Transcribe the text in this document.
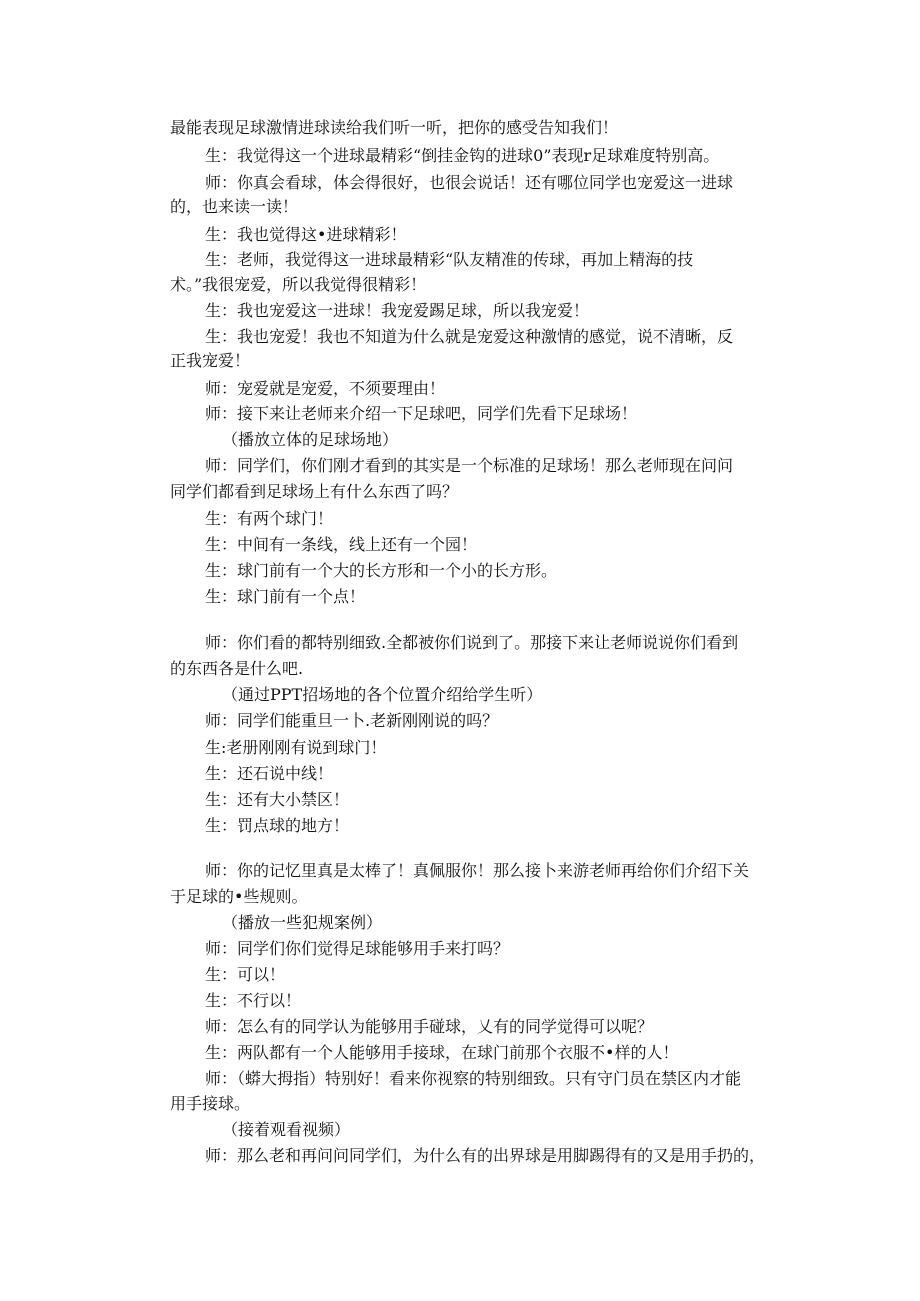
最能表现足球激情进球读给我们听一听，把你的感受告知我们！
生：我觉得这一个进球最精彩“倒挂金钩的进球0”表现r足球难度特别高。
师：你真会看球，体会得很好，也很会说话！还有哪位同学也宠爱这一进球
的，也来读一读！
生：我也觉得这•进球精彩！
生：老师，我觉得这一进球最精彩“队友精准的传球，再加上精海的技
术。”我很宠爱，所以我觉得很精彩！
生：我也宠爱这一进球！我宠爱踢足球，所以我宠爱！
生：我也宠爱！我也不知道为什么就是宠爱这种激情的感觉，说不清晰，反
正我宠爱！
师：宠爱就是宠爱，不须要理由！
师：接下来让老师来介绍一下足球吧，同学们先看下足球场！
（播放立体的足球场地）
师：同学们，你们刚才看到的其实是一个标准的足球场！那么老师现在问问
同学们都看到足球场上有什么东西了吗？
生：有两个球门！
生：中间有一条线，线上还有一个园！
生：球门前有一个大的长方形和一个小的长方形。
生：球门前有一个点！
师：你们看的都特别细致.全都被你们说到了。那接下来让老师说说你们看到
的东西各是什么吧.
（通过PPT招场地的各个位置介绍给学生听）
师：同学们能重旦一卜.老新刚刚说的吗？
生:老册刚刚有说到球门！
生：还石说中线！
生：还有大小禁区！
生：罚点球的地方！
师：你的记忆里真是太棒了！真佩服你！那么接卜来游老师再给你们介绍下关
于足球的•些规则。
（播放一些犯规案例）
师：同学们你们觉得足球能够用手来打吗？
生：可以！
生：不行以！
师：怎么有的同学认为能够用手碰球，乂有的同学觉得可以呢？
生：两队都有一个人能够用手接球，在球门前那个衣服不•样的人！
师：（蟒大拇指）特别好！看来你视察的特别细致。只有守门员在禁区内才能
用手接球。
（接着观看视频）
师：那么老和再问问同学们，为什么有的出界球是用脚踢得有的又是用手扔的，
